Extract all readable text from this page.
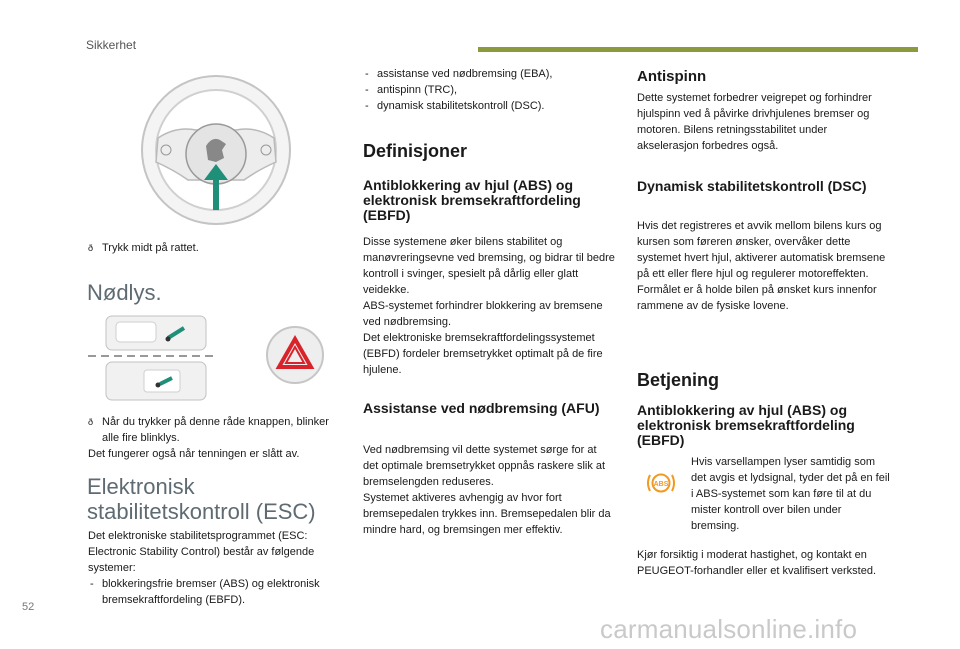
Sikkerhet
52
carmanualsonline.info
ð Trykk midt på rattet.
Nødlys.

ð Når du trykker på denne råde knappen, blinker alle fire blinklys.

Det fungerer også når tenningen er slått av.

Elektronisk
stabilitetskontroll (ESC)

Det elektroniske stabilitetsprogrammet (ESC: Electronic Stability Control) består av følgende systemer:

- blokkeringsfrie bremser (ABS) og elektronisk bremsekraftfordeling (EBFD).

- assistanse ved nødbremsing (EBA),

- antispinn (TRC),

- dynamisk stabilitetskontroll (DSC).

Definisjoner
Antiblokkering av hjul (ABS) og elektronisk bremsekraftfordeling (EBFD)

Disse systemene øker bilens stabilitet og manøvreringsevne ved bremsing, og bidrar til bedre kontroll i svinger, spesielt på dårlig eller glatt veidekke.

ABS-systemet forhindrer blokkering av bremsene ved nødbremsing.

Det elektroniske bremsekraftfordelingssystemet (EBFD) fordeler bremsetrykket optimalt på de fire hjulene.

Assistanse ved nødbremsing (AFU)

Ved nødbremsing vil dette systemet sørge for at det optimale bremsetrykket oppnås raskere slik at bremselengden reduseres.

Systemet aktiveres avhengig av hvor fort bremsepedalen trykkes inn. Bremsepedalen blir da mindre hard, og bremsingen mer effektiv.

Antispinn
Dette systemet forbedrer veigrepet og forhindrer hjulspinn ved å påvirke drivhjulenes bremser og motoren. Bilens retningsstabilitet under akselerasjon forbedres også.
Dynamisk stabilitetskontroll (DSC)
Hvis det registreres et avvik mellom bilens kurs og kursen som føreren ønsker, overvåker dette systemet hvert hjul, aktiverer automatisk bremsene på ett eller flere hjul og regulerer motoreffekten. Formålet er å holde bilen på ønsket kurs innenfor rammene av de fysiske lovene.
Betjening
Antiblokkering av hjul (ABS) og elektronisk bremsekraftfordeling (EBFD)
ABS
Hvis varsellampen lyser samtidig som det avgis et lydsignal, tyder det på en feil i ABS-systemet som kan føre til at du mister kontroll over bilen under bremsing.
Kjør forsiktig i moderat hastighet, og kontakt en PEUGEOT-forhandler eller et kvalifisert verksted.
